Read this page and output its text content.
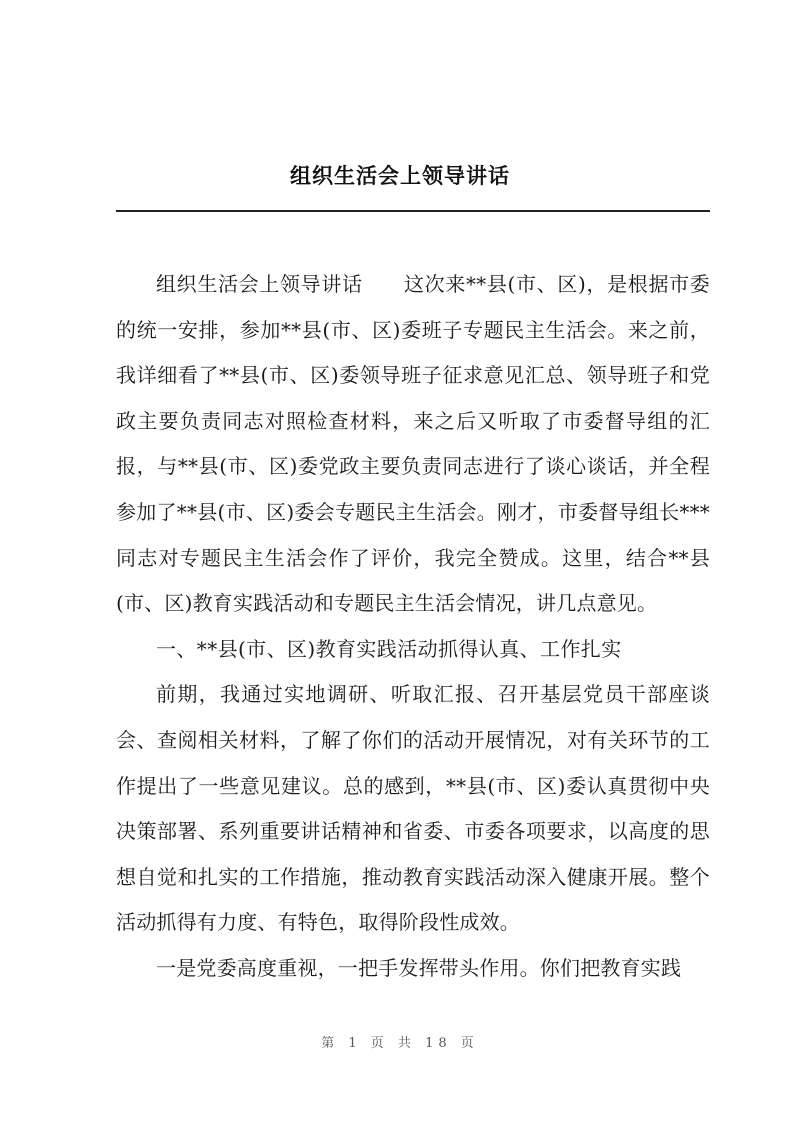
组织生活会上领导讲话

组织生活会上领导讲话　　这次来**县(市、区)，是根据市委的统一安排，参加**县(市、区)委班子专题民主生活会。来之前，我详细看了**县(市、区)委领导班子征求意见汇总、领导班子和党政主要负责同志对照检查材料，来之后又听取了市委督导组的汇报，与**县(市、区)委党政主要负责同志进行了谈心谈话，并全程参加了**县(市、区)委会专题民主生活会。刚才，市委督导组长***同志对专题民主生活会作了评价，我完全赞成。这里，结合**县(市、区)教育实践活动和专题民主生活会情况，讲几点意见。

一、**县(市、区)教育实践活动抓得认真、工作扎实

前期，我通过实地调研、听取汇报、召开基层党员干部座谈会、查阅相关材料，了解了你们的活动开展情况，对有关环节的工作提出了一些意见建议。总的感到，**县(市、区)委认真贯彻中央决策部署、系列重要讲话精神和省委、市委各项要求，以高度的思想自觉和扎实的工作措施，推动教育实践活动深入健康开展。整个活动抓得有力度、有特色，取得阶段性成效。

一是党委高度重视，一把手发挥带头作用。你们把教育实践

第 1 页 共 18 页
